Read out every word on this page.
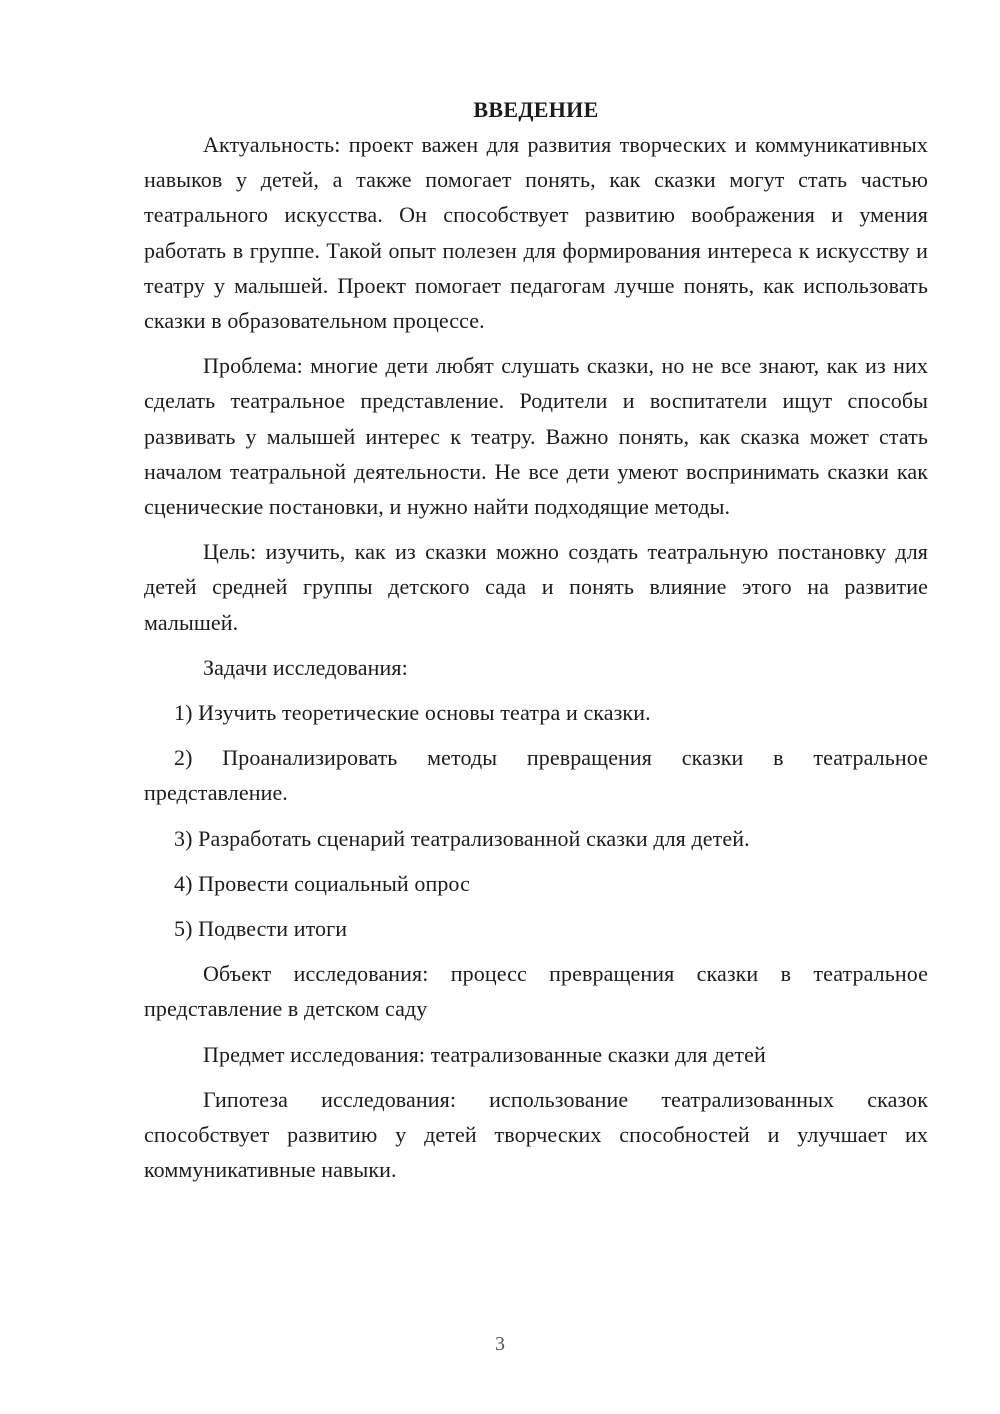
ВВЕДЕНИЕ

Актуальность: проект важен для развития творческих и коммуникативных навыков у детей, а также помогает понять, как сказки могут стать частью театрального искусства. Он способствует развитию воображения и умения работать в группе. Такой опыт полезен для формирования интереса к искусству и театру у малышей. Проект помогает педагогам лучше понять, как использовать сказки в образовательном процессе.

Проблема: многие дети любят слушать сказки, но не все знают, как из них сделать театральное представление. Родители и воспитатели ищут способы развивать у малышей интерес к театру. Важно понять, как сказка может стать началом театральной деятельности. Не все дети умеют воспринимать сказки как сценические постановки, и нужно найти подходящие методы.

Цель: изучить, как из сказки можно создать театральную постановку для детей средней группы детского сада и понять влияние этого на развитие малышей.

Задачи исследования:

1) Изучить теоретические основы театра и сказки.

2) Проанализировать методы превращения сказки в театральное представление.

3) Разработать сценарий театрализованной сказки для детей.

4) Провести социальный опрос

5) Подвести итоги

Объект исследования: процесс превращения сказки в театральное представление в детском саду

Предмет исследования: театрализованные сказки для детей

Гипотеза исследования: использование театрализованных сказок способствует развитию у детей творческих способностей и улучшает их коммуникативные навыки.

3
